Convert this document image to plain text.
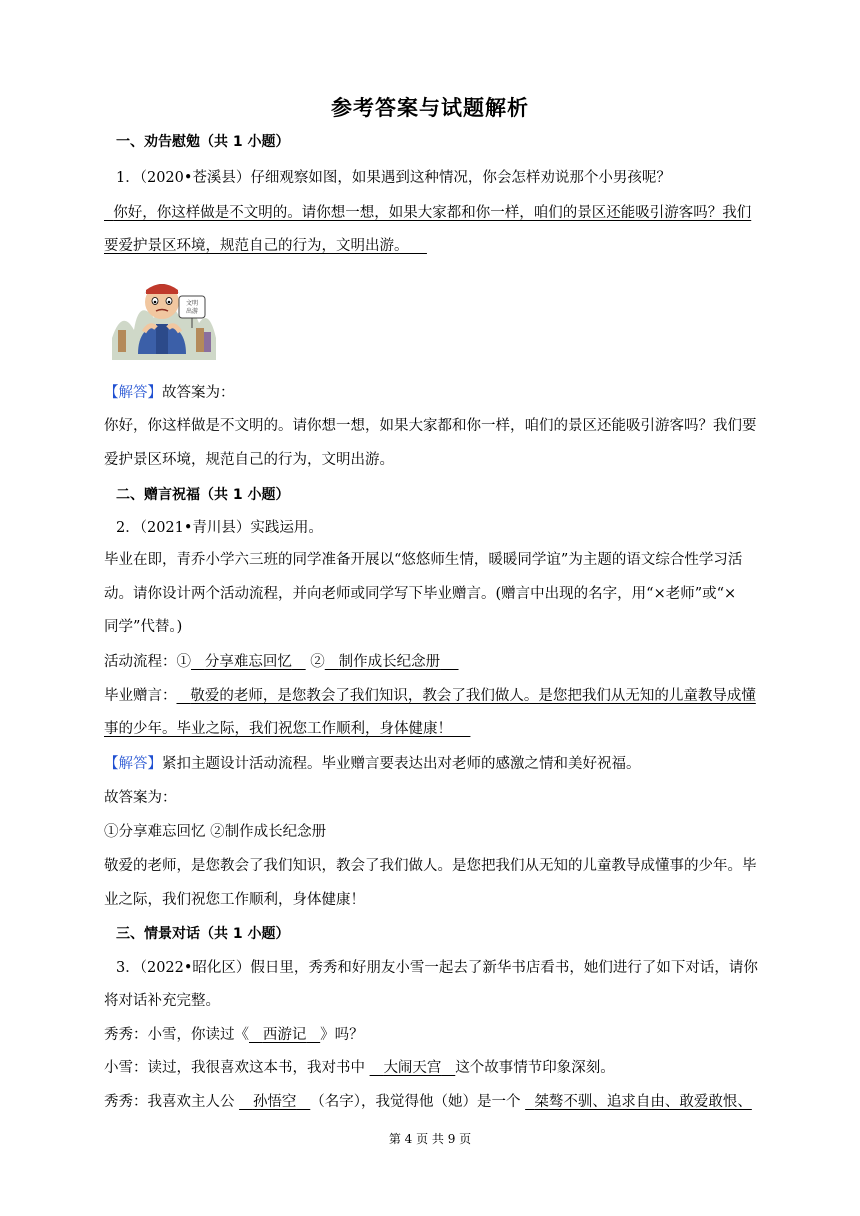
参考答案与试题解析
一、劝告慰勉（共 1 小题）
1．（2020•苍溪县）仔细观察如图，如果遇到这种情况，你会怎样劝说那个小男孩呢？
你好，你这样做是不文明的。请你想一想，如果大家都和你一样，咱们的景区还能吸引游客吗？我们
要爱护景区环境，规范自己的行为，文明出游。
文明
出游
【解答】故答案为：
你好，你这样做是不文明的。请你想一想，如果大家都和你一样，咱们的景区还能吸引游客吗？我们要
爱护景区环境，规范自己的行为，文明出游。
二、赠言祝福（共 1 小题）
2．（2021•青川县）实践运用。
毕业在即，青乔小学六三班的同学准备开展以“悠悠师生情，暖暖同学谊”为主题的语文综合性学习活
动。请你设计两个活动流程，并向老师或同学写下毕业赠言。(赠言中出现的名字，用“×老师”或“×
同学”代替。)
活动流程：① 分享难忘回忆 ② 制作成长纪念册
毕业赠言： 敬爱的老师，是您教会了我们知识，教会了我们做人。是您把我们从无知的儿童教导成懂
事的少年。毕业之际，我们祝您工作顺利，身体健康！
【解答】紧扣主题设计活动流程。毕业赠言要表达出对老师的感激之情和美好祝福。
故答案为：
①分享难忘回忆 ②制作成长纪念册
敬爱的老师，是您教会了我们知识，教会了我们做人。是您把我们从无知的儿童教导成懂事的少年。毕
业之际，我们祝您工作顺利，身体健康！
三、情景对话（共 1 小题）
3．（2022•昭化区）假日里，秀秀和好朋友小雪一起去了新华书店看书，她们进行了如下对话，请你
将对话补充完整。
秀秀：小雪，你读过《 西游记 》吗？
小雪：读过，我很喜欢这本书，我对书中    大闹天宫 这个故事情节印象深刻。
秀秀：我喜欢主人公    孙悟空 （名字），我觉得他（她）是一个   桀骜不驯、追求自由、敢爱敢恨、
第 4 页 共 9 页
